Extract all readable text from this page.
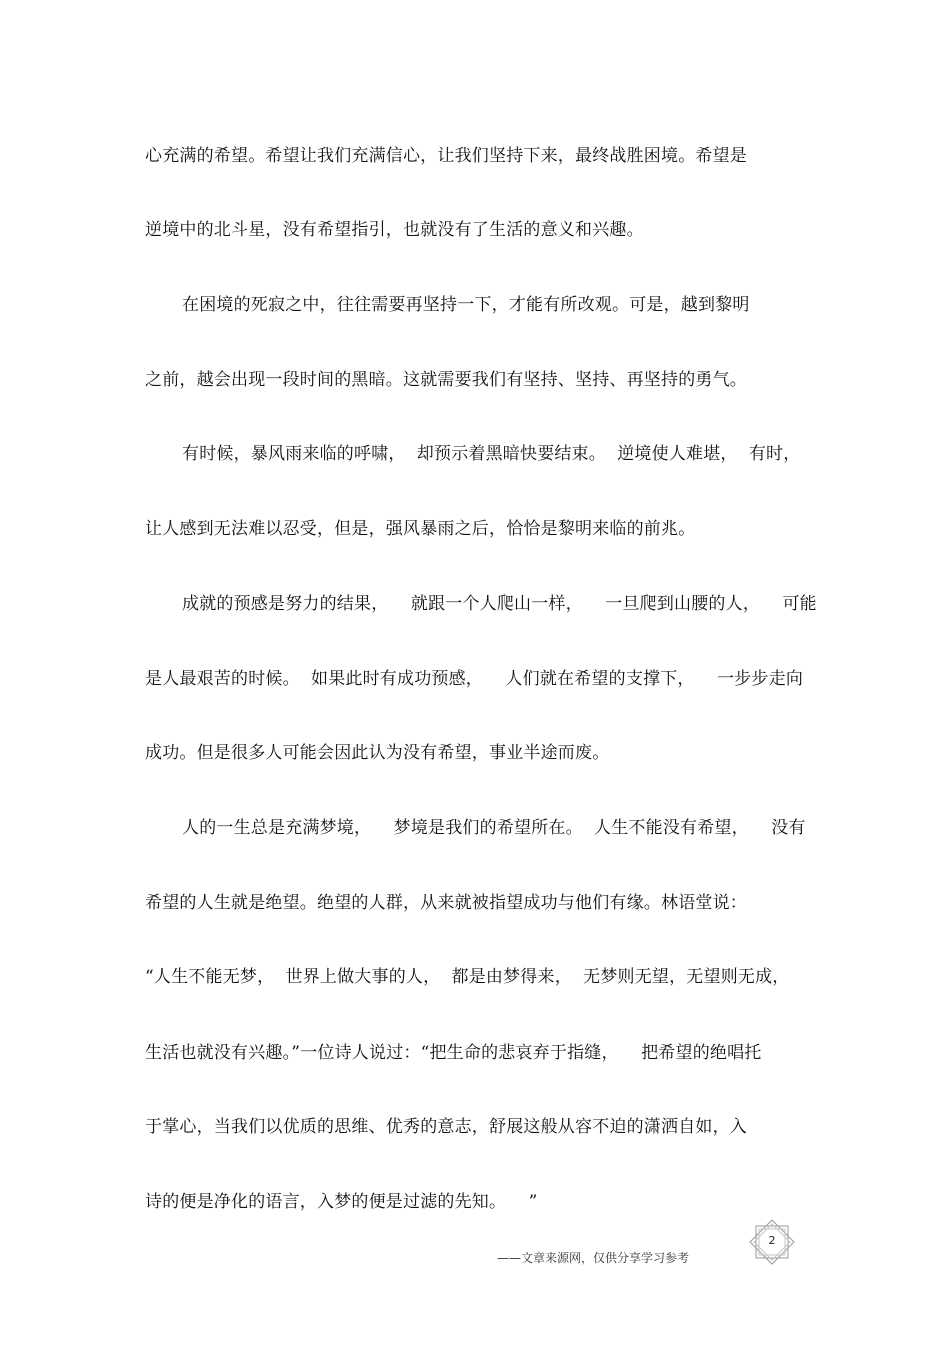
心充满的希望。希望让我们充满信心，让我们坚持下来，最终战胜困境。希望是
逆境中的北斗星，没有希望指引，也就没有了生活的意义和兴趣。
在困境的死寂之中，往往需要再坚持一下，才能有所改观。可是，越到黎明
之前，越会出现一段时间的黑暗。这就需要我们有坚持、坚持、再坚持的勇气。
有时候，暴风雨来临的呼啸，  却预示着黑暗快要结束。  逆境使人难堪，  有时，
让人感到无法难以忍受，但是，强风暴雨之后，恰恰是黎明来临的前兆。
成就的预感是努力的结果，    就跟一个人爬山一样，    一旦爬到山腰的人，    可能
是人最艰苦的时候。  如果此时有成功预感，    人们就在希望的支撑下，    一步步走向
成功。但是很多人可能会因此认为没有希望，事业半途而废。
人的一生总是充满梦境，    梦境是我们的希望所在。  人生不能没有希望，    没有
希望的人生就是绝望。绝望的人群，从来就被指望成功与他们有缘。林语堂说：
“人生不能无梦，  世界上做大事的人，  都是由梦得来，  无梦则无望，无望则无成，
生活也就没有兴趣。”一位诗人说过：“把生命的悲哀弃于指缝，    把希望的绝唱托
于掌心，当我们以优质的思维、优秀的意志，舒展这般从容不迫的潇洒自如，入
诗的便是净化的语言，入梦的便是过滤的先知。    ”
——文章来源网，仅供分享学习参考
2
